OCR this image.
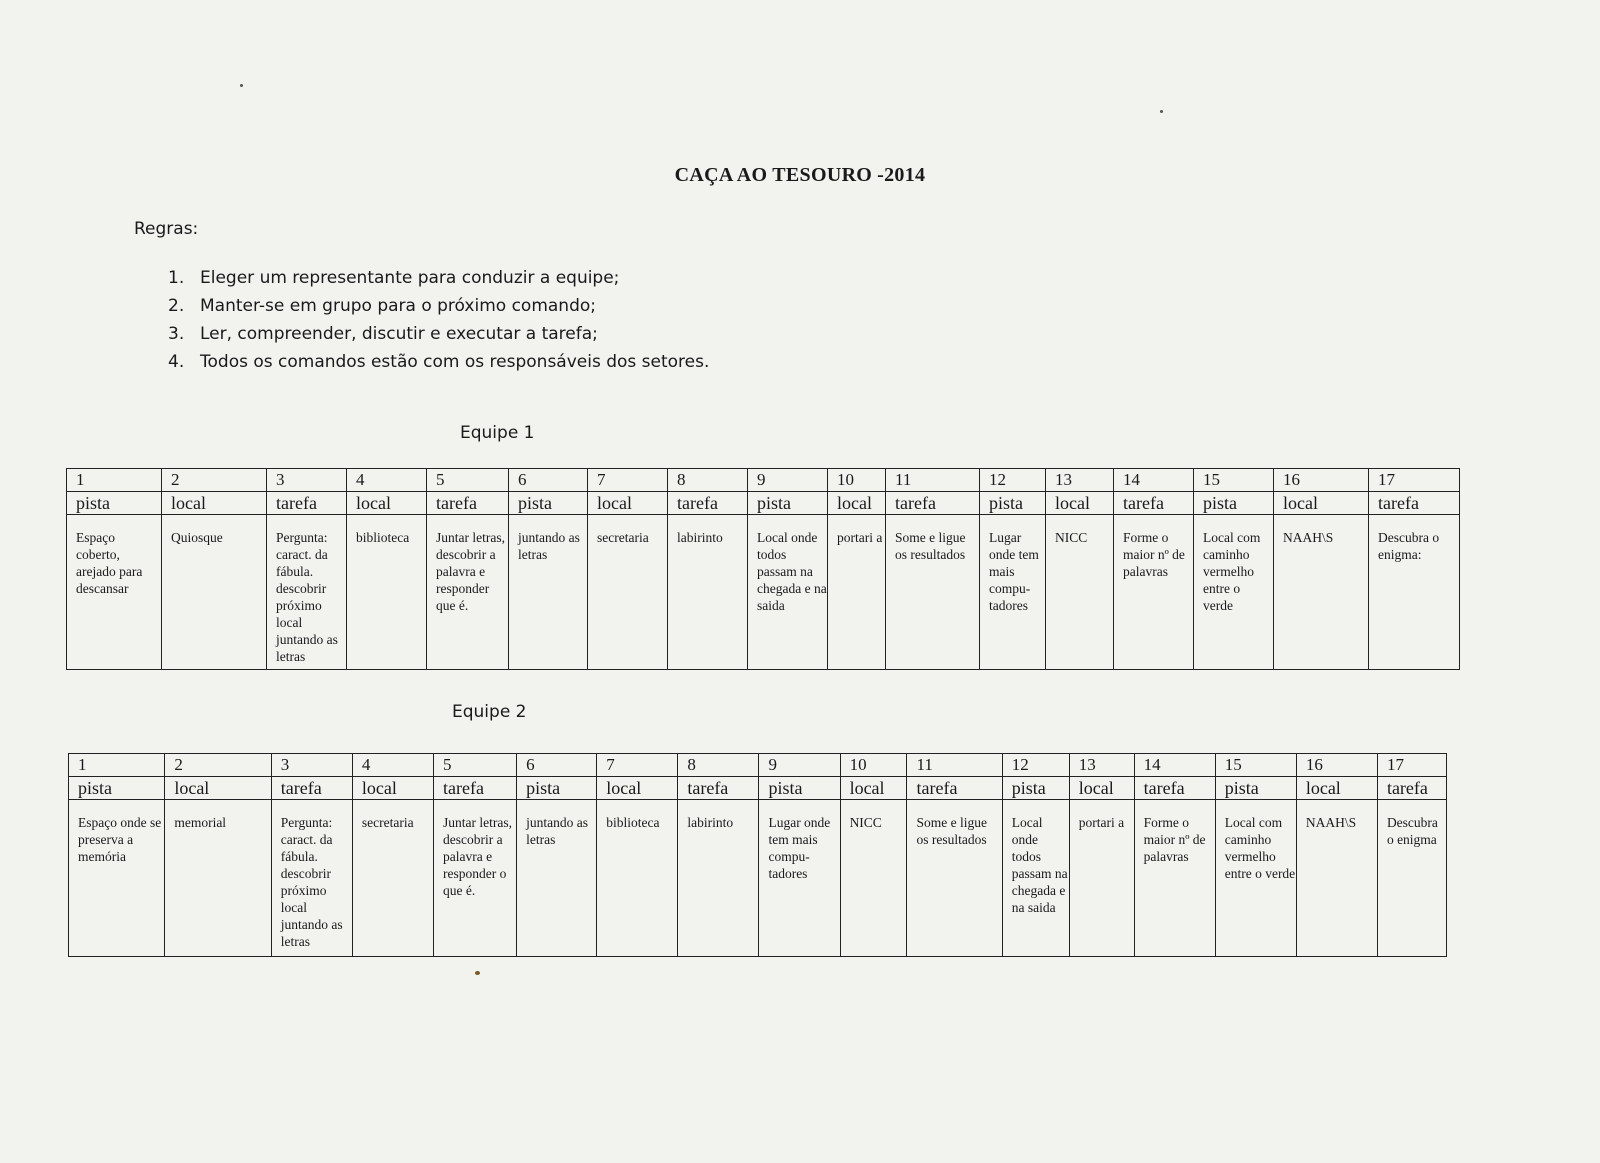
CAÇA AO TESOURO -2014
Regras:
1. Eleger um representante para conduzir a equipe;
2. Manter-se em grupo para o próximo comando;
3. Ler, compreender, discutir e executar a tarefa;
4. Todos os comandos estão com os responsáveis dos setores.
Equipe 1
1	2	3	4	5	6	7	8	9	10	11	12	13	14	15	16	17
pista	local	tarefa	local	tarefa	pista	local	tarefa	pista	local	tarefa	pista	local	tarefa	pista	local	tarefa
Espaço coberto, arejado para descansar	Quiosque	Pergunta: caract. da fábula. descobrir próximo local juntando as letras	biblioteca	Juntar letras, descobrir a palavra e responder que é.	juntando as letras	secretaria	labirinto	Local onde todos passam na chegada e na saida	portari a	Some e ligue os resultados	Lugar onde tem mais compu-tadores	NICC	Forme o maior nº de palavras	Local com caminho vermelho entre o verde	NAAH\S	Descubra o enigma:
Equipe 2
1	2	3	4	5	6	7	8	9	10	11	12	13	14	15	16	17
pista	local	tarefa	local	tarefa	pista	local	tarefa	pista	local	tarefa	pista	local	tarefa	pista	local	tarefa
Espaço onde se preserva a memória	memorial	Pergunta: caract. da fábula. descobrir próximo local juntando as letras	secretaria	Juntar letras, descobrir a palavra e responder o que é.	juntando as letras	biblioteca	labirinto	Lugar onde tem mais compu-tadores	NICC	Some e ligue os resultados	Local onde todos passam na chegada e na saida	portari a	Forme o maior nº de palavras	Local com caminho vermelho entre o verde	NAAH\S	Descubra o enigma
